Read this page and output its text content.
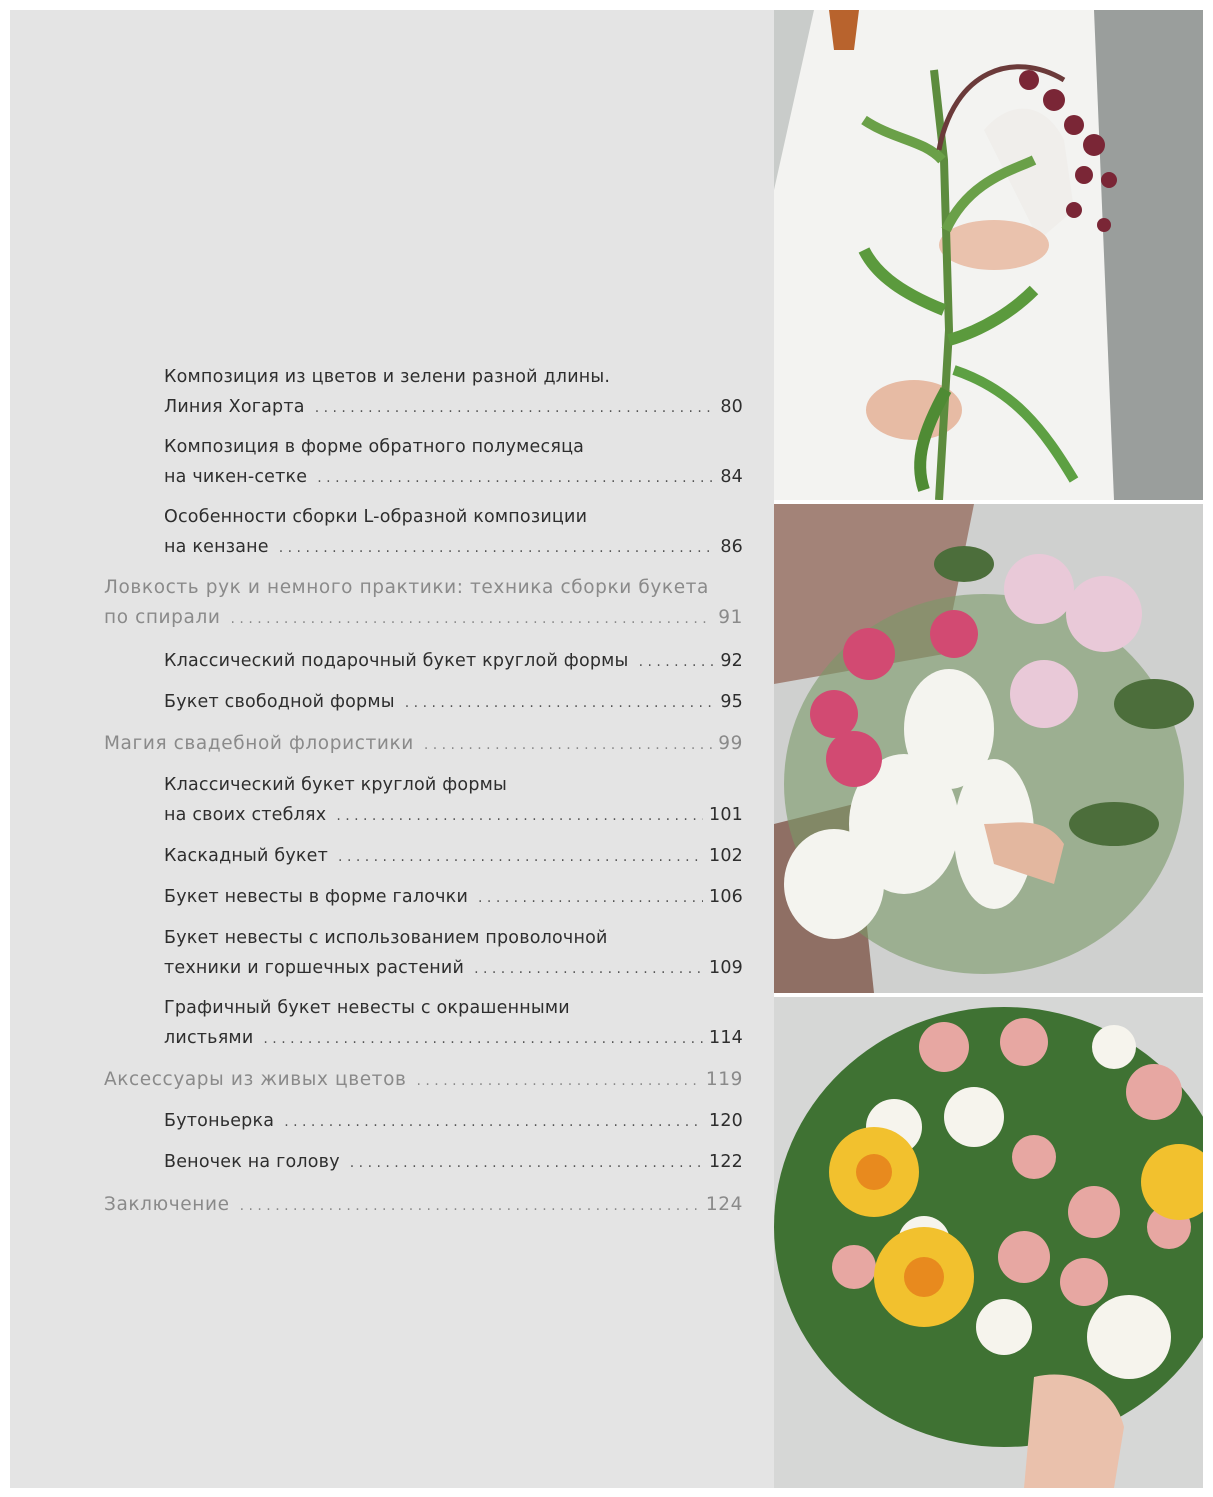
Композиция из цветов и зелени разной длины.
Линия Хогарта . . .	80
Композиция в форме обратного полумесяца
на чикен-сетке . . .	84
Особенности сборки L-образной композиции
на кензане . . .	86
Ловкость рук и немного практики: техника сборки букета
по спирали . . .	91
Классический подарочный букет круглой формы . . .	92
Букет свободной формы . . .	95
Магия свадебной флористики . . .	99
Классический букет круглой формы
на своих стеблях . . .	101
Каскадный букет . . .	102
Букет невесты в форме галочки . . .	106
Букет невесты с использованием проволочной
техники и горшечных растений . . .	109
Графичный букет невесты с окрашенными
листьями . . .	114
Аксессуары из живых цветов . . .	119
Бутоньерка . . .	120
Веночек на голову . . .	122
Заключение . . .	124
